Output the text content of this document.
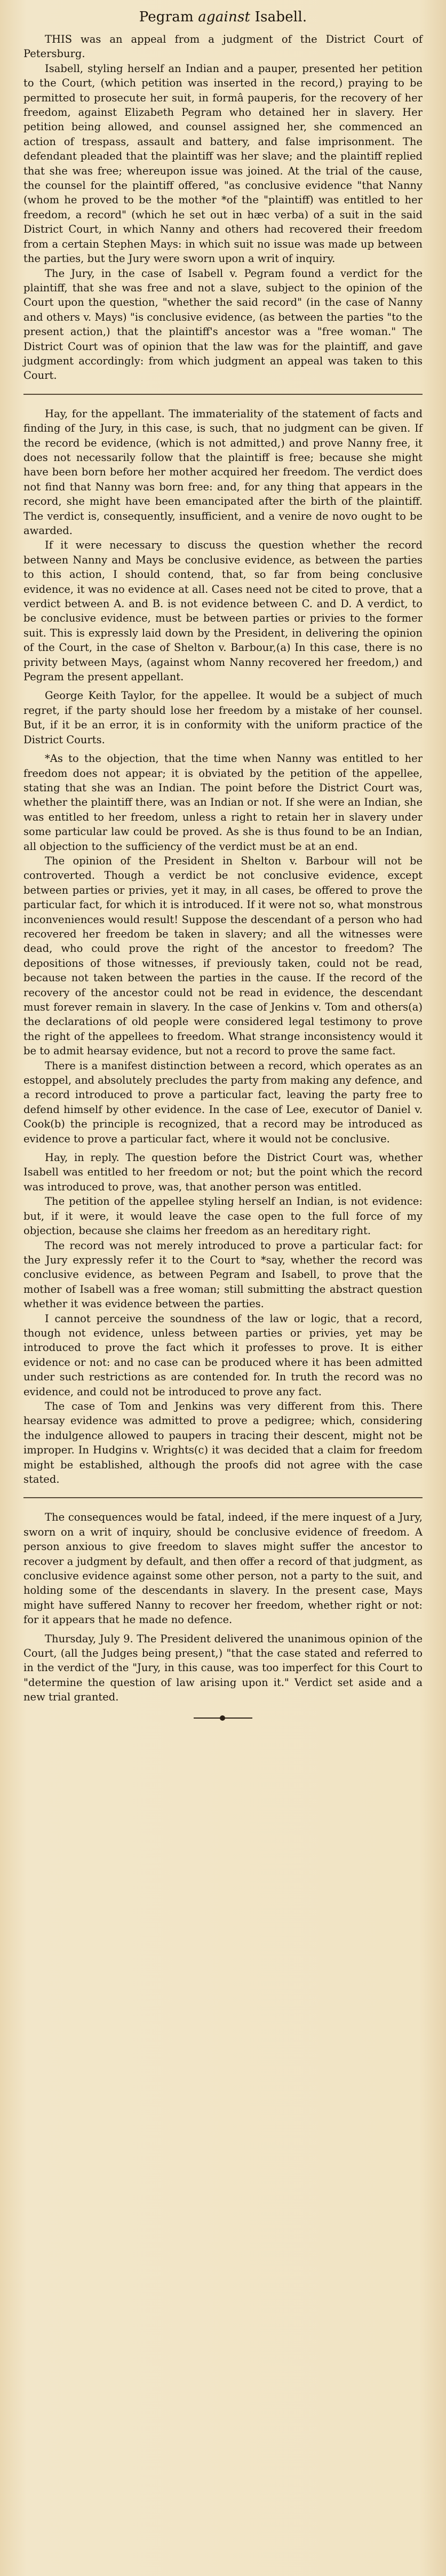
Pegram against Isabell.

THIS was an appeal from a judgment of the District Court of Petersburg.

Isabell, styling herself an Indian and a pauper, presented her petition to the Court, (which petition was inserted in the record,) praying to be permitted to prosecute her suit, in formâ pauperis, for the recovery of her freedom, against Elizabeth Pegram who detained her in slavery. Her petition being allowed, and counsel assigned her, she commenced an action of trespass, assault and battery, and false imprisonment. The defendant pleaded that the plaintiff was her slave; and the plaintiff replied that she was free; whereupon issue was joined. At the trial of the cause, the counsel for the plaintiff offered, "as conclusive evidence "that Nanny (whom he proved to be the mother *of the "plaintiff) was entitled to her freedom, a record" (which he set out in hæc verba) of a suit in the said District Court, in which Nanny and others had recovered their freedom from a certain Stephen Mays: in which suit no issue was made up between the parties, but the Jury were sworn upon a writ of inquiry.

The Jury, in the case of Isabell v. Pegram found a verdict for the plaintiff, that she was free and not a slave, subject to the opinion of the Court upon the question, "whether the said record" (in the case of Nanny and others v. Mays) "is conclusive evidence, (as between the parties "to the present action,) that the plaintiff's ancestor was a "free woman." The District Court was of opinion that the law was for the plaintiff, and gave judgment accordingly: from which judgment an appeal was taken to this Court.

Hay, for the appellant. The immateriality of the statement of facts and finding of the Jury, in this case, is such, that no judgment can be given. If the record be evidence, (which is not admitted,) and prove Nanny free, it does not necessarily follow that the plaintiff is free; because she might have been born before her mother acquired her freedom. The verdict does not find that Nanny was born free: and, for any thing that appears in the record, she might have been emancipated after the birth of the plaintiff. The verdict is, consequently, insufficient, and a venire de novo ought to be awarded.

If it were necessary to discuss the question whether the record between Nanny and Mays be conclusive evidence, as between the parties to this action, I should contend, that, so far from being conclusive evidence, it was no evidence at all. Cases need not be cited to prove, that a verdict between A. and B. is not evidence between C. and D. A verdict, to be conclusive evidence, must be between parties or privies to the former suit. This is expressly laid down by the President, in delivering the opinion of the Court, in the case of Shelton v. Barbour,(a) In this case, there is no privity between Mays, (against whom Nanny recovered her freedom,) and Pegram the present appellant.

George Keith Taylor, for the appellee. It would be a subject of much regret, if the party should lose her freedom by a mistake of her counsel. But, if it be an error, it is in conformity with the uniform practice of the District Courts.

*As to the objection, that the time when Nanny was entitled to her freedom does not appear; it is obviated by the petition of the appellee, stating that she was an Indian. The point before the District Court was, whether the plaintiff there, was an Indian or not. If she were an Indian, she was entitled to her freedom, unless a right to retain her in slavery under some particular law could be proved. As she is thus found to be an Indian, all objection to the sufficiency of the verdict must be at an end.

The opinion of the President in Shelton v. Barbour will not be controverted. Though a verdict be not conclusive evidence, except between parties or privies, yet it may, in all cases, be offered to prove the particular fact, for which it is introduced. If it were not so, what monstrous inconveniences would result! Suppose the descendant of a person who had recovered her freedom be taken in slavery; and all the witnesses were dead, who could prove the right of the ancestor to freedom? The depositions of those witnesses, if previously taken, could not be read, because not taken between the parties in the cause. If the record of the recovery of the ancestor could not be read in evidence, the descendant must forever remain in slavery. In the case of Jenkins v. Tom and others(a) the declarations of old people were considered legal testimony to prove the right of the appellees to freedom. What strange inconsistency would it be to admit hearsay evidence, but not a record to prove the same fact.

There is a manifest distinction between a record, which operates as an estoppel, and absolutely precludes the party from making any defence, and a record introduced to prove a particular fact, leaving the party free to defend himself by other evidence. In the case of Lee, executor of Daniel v. Cook(b) the principle is recognized, that a record may be introduced as evidence to prove a particular fact, where it would not be conclusive.

Hay, in reply. The question before the District Court was, whether Isabell was entitled to her freedom or not; but the point which the record was introduced to prove, was, that another person was entitled.

The petition of the appellee styling herself an Indian, is not evidence: but, if it were, it would leave the case open to the full force of my objection, because she claims her freedom as an hereditary right.

The record was not merely introduced to prove a particular fact: for the Jury expressly refer it to the Court to *say, whether the record was conclusive evidence, as between Pegram and Isabell, to prove that the mother of Isabell was a free woman; still submitting the abstract question whether it was evidence between the parties.

I cannot perceive the soundness of the law or logic, that a record, though not evidence, unless between parties or privies, yet may be introduced to prove the fact which it professes to prove. It is either evidence or not: and no case can be produced where it has been admitted under such restrictions as are contended for. In truth the record was no evidence, and could not be introduced to prove any fact.

The case of Tom and Jenkins was very different from this. There hearsay evidence was admitted to prove a pedigree; which, considering the indulgence allowed to paupers in tracing their descent, might not be improper. In Hudgins v. Wrights(c) it was decided that a claim for freedom might be established, although the proofs did not agree with the case stated.

The consequences would be fatal, indeed, if the mere inquest of a Jury, sworn on a writ of inquiry, should be conclusive evidence of freedom. A person anxious to give freedom to slaves might suffer the ancestor to recover a judgment by default, and then offer a record of that judgment, as conclusive evidence against some other person, not a party to the suit, and holding some of the descendants in slavery. In the present case, Mays might have suffered Nanny to recover her freedom, whether right or not: for it appears that he made no defence.

Thursday, July 9. The President delivered the unanimous opinion of the Court, (all the Judges being present,) "that the case stated and referred to in the verdict of the "Jury, in this cause, was too imperfect for this Court to "determine the question of law arising upon it." Verdict set aside and a new trial granted.
